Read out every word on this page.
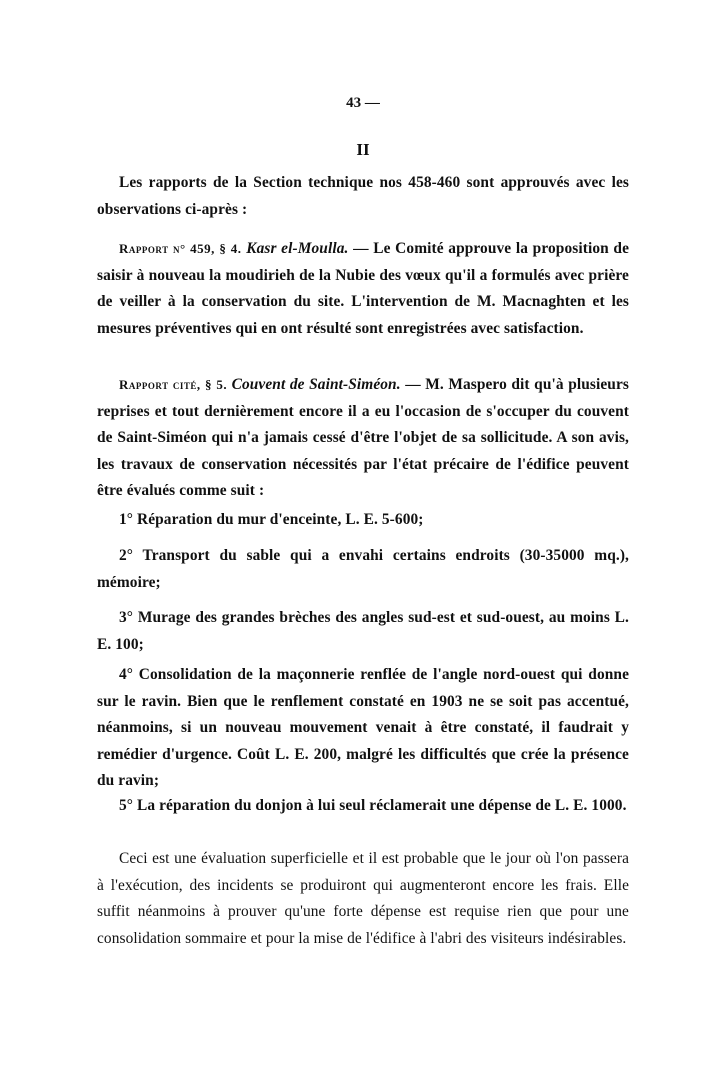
43 —
II
Les rapports de la Section technique nos 458-460 sont approuvés avec les observations ci-après :
Rapport n° 459, § 4. Kasr el-Moulla. — Le Comité approuve la proposition de saisir à nouveau la moudirieh de la Nubie des vœux qu'il a formulés avec prière de veiller à la conservation du site. L'intervention de M. Macnaghten et les mesures préventives qui en ont résulté sont enregistrées avec satisfaction.
Rapport cité, § 5. Couvent de Saint-Siméon. — M. Maspero dit qu'à plusieurs reprises et tout dernièrement encore il a eu l'occasion de s'occuper du couvent de Saint-Siméon qui n'a jamais cessé d'être l'objet de sa sollicitude. A son avis, les travaux de conservation nécessités par l'état précaire de l'édifice peuvent être évalués comme suit :
1° Réparation du mur d'enceinte, L. E. 5-600;
2° Transport du sable qui a envahi certains endroits (30-35000 mq.), mémoire;
3° Murage des grandes brèches des angles sud-est et sud-ouest, au moins L. E. 100;
4° Consolidation de la maçonnerie renflée de l'angle nord-ouest qui donne sur le ravin. Bien que le renflement constaté en 1903 ne se soit pas accentué, néanmoins, si un nouveau mouvement venait à être constaté, il faudrait y remédier d'urgence. Coût L. E. 200, malgré les difficultés que crée la présence du ravin;
5° La réparation du donjon à lui seul réclamerait une dépense de L. E. 1000.
Ceci est une évaluation superficielle et il est probable que le jour où l'on passera à l'exécution, des incidents se produiront qui augmenteront encore les frais. Elle suffit néanmoins à prouver qu'une forte dépense est requise rien que pour une consolidation sommaire et pour la mise de l'édifice à l'abri des visiteurs indésirables.
